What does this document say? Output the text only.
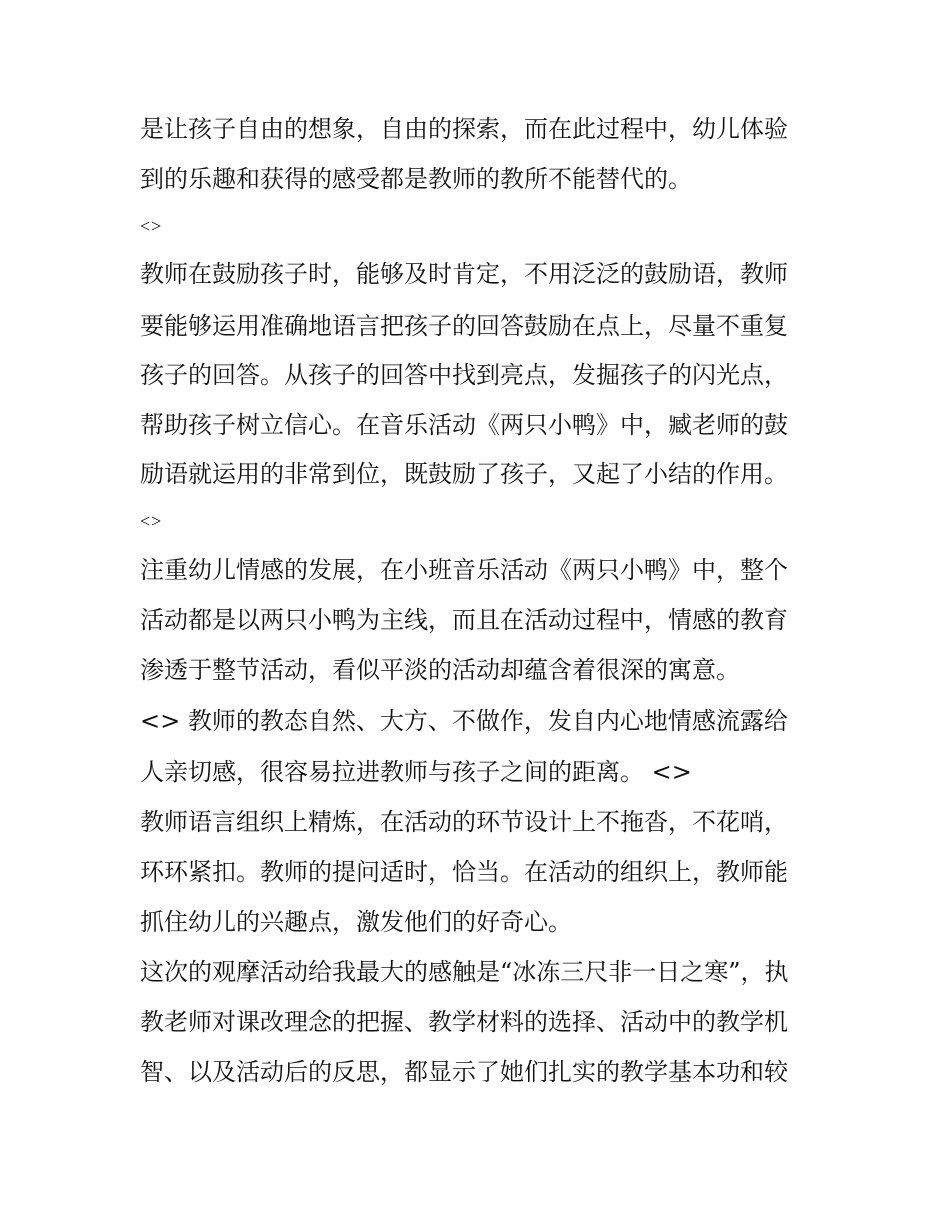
是让孩子自由的想象，自由的探索，而在此过程中，幼儿体验
到的乐趣和获得的感受都是教师的教所不能替代的。
<>
教师在鼓励孩子时，能够及时肯定，不用泛泛的鼓励语，教师
要能够运用准确地语言把孩子的回答鼓励在点上，尽量不重复
孩子的回答。从孩子的回答中找到亮点，发掘孩子的闪光点，
帮助孩子树立信心。在音乐活动《两只小鸭》中，臧老师的鼓
励语就运用的非常到位，既鼓励了孩子，又起了小结的作用。
<>
注重幼儿情感的发展，在小班音乐活动《两只小鸭》中，整个
活动都是以两只小鸭为主线，而且在活动过程中，情感的教育
渗透于整节活动，看似平淡的活动却蕴含着很深的寓意。
<> 教师的教态自然、大方、不做作，发自内心地情感流露给
人亲切感，很容易拉进教师与孩子之间的距离。 <>
教师语言组织上精炼，在活动的环节设计上不拖沓，不花哨，
环环紧扣。教师的提问适时，恰当。在活动的组织上，教师能
抓住幼儿的兴趣点，激发他们的好奇心。
这次的观摩活动给我最大的感触是“冰冻三尺非一日之寒”，执
教老师对课改理念的把握、教学材料的选择、活动中的教学机
智、以及活动后的反思，都显示了她们扎实的教学基本功和较
